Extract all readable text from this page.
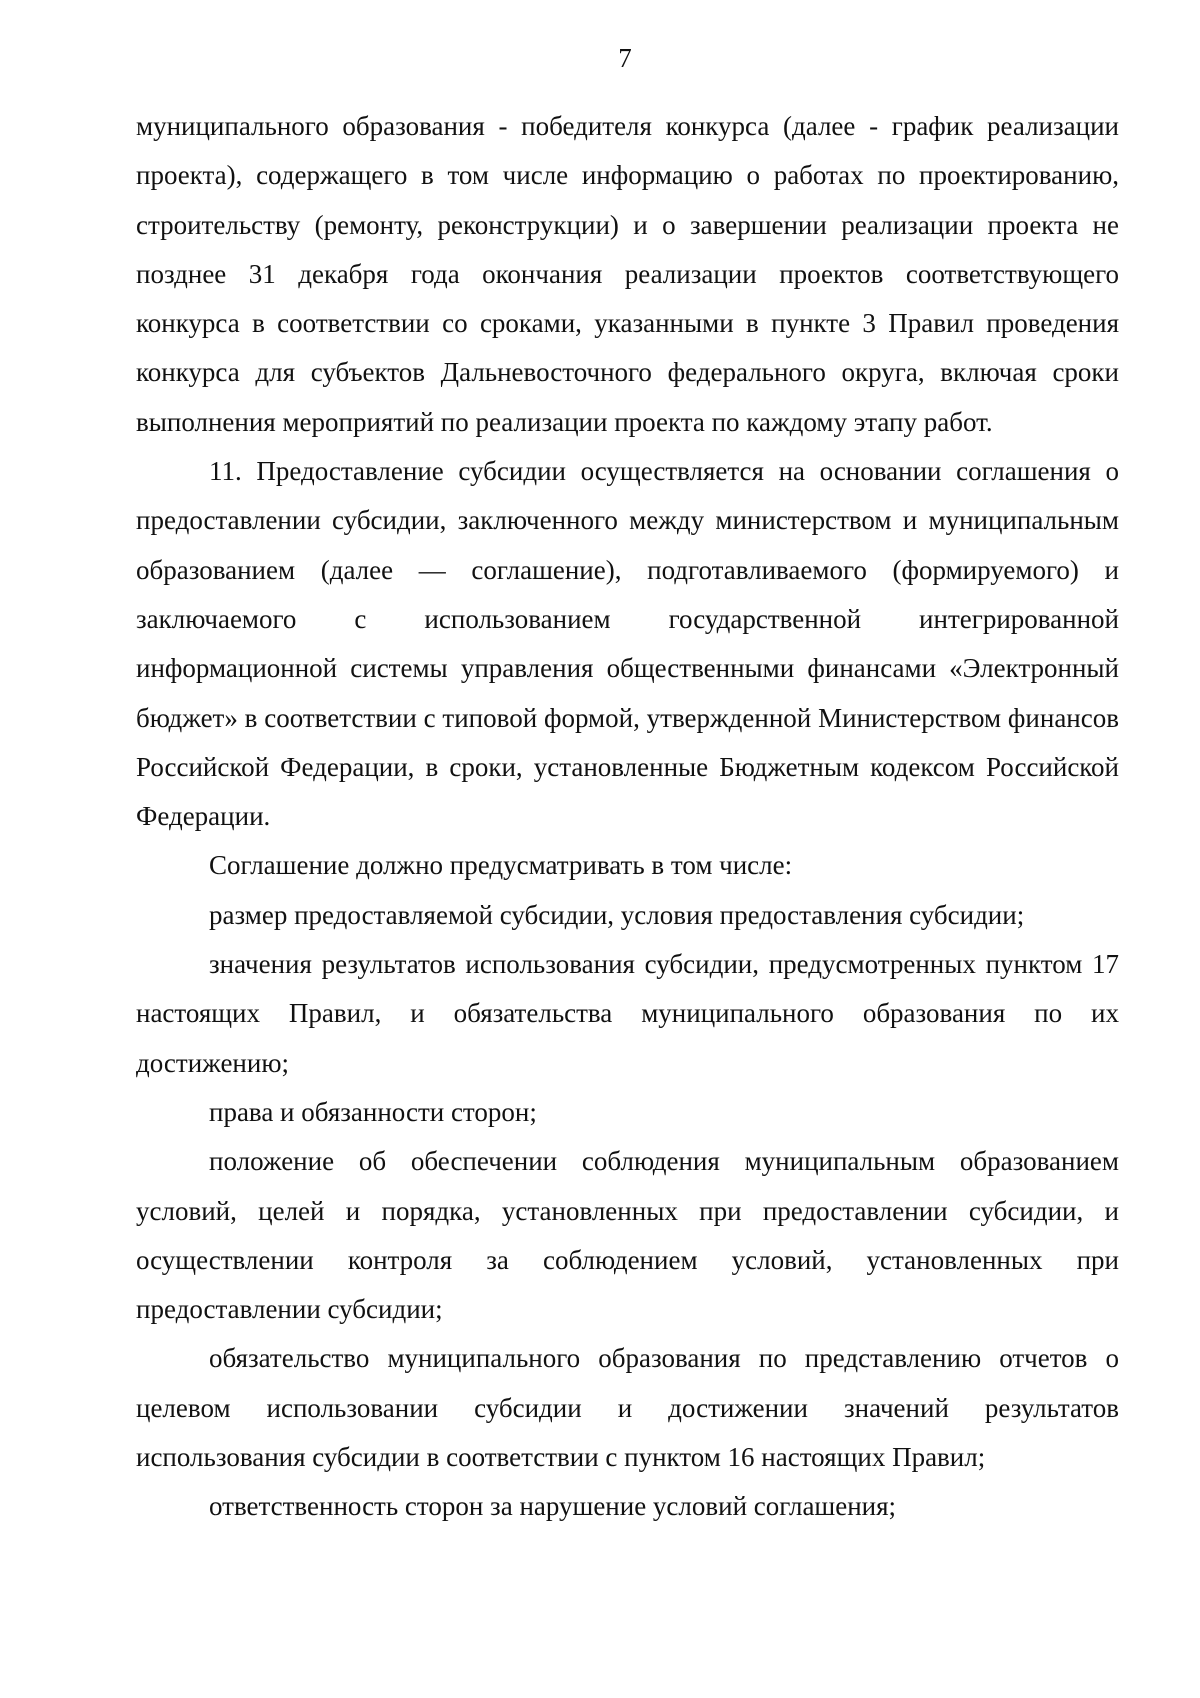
7

муниципального образования - победителя конкурса (далее - график реализации проекта), содержащего в том числе информацию о работах по проектированию, строительству (ремонту, реконструкции) и о завершении реализации проекта не позднее 31 декабря года окончания реализации проектов соответствующего конкурса в соответствии со сроками, указанными в пункте 3 Правил проведения конкурса для субъектов Дальневосточного федерального округа, включая сроки выполнения мероприятий по реализации проекта по каждому этапу работ.

11. Предоставление субсидии осуществляется на основании соглашения о предоставлении субсидии, заключенного между министерством и муниципальным образованием (далее — соглашение), подготавливаемого (формируемого) и заключаемого с использованием государственной интегрированной информационной системы управления общественными финансами «Электронный бюджет» в соответствии с типовой формой, утвержденной Министерством финансов Российской Федерации, в сроки, установленные Бюджетным кодексом Российской Федерации.

Соглашение должно предусматривать в том числе:

размер предоставляемой субсидии, условия предоставления субсидии;

значения результатов использования субсидии, предусмотренных пунктом 17 настоящих Правил, и обязательства муниципального образования по их достижению;

права и обязанности сторон;

положение об обеспечении соблюдения муниципальным образованием условий, целей и порядка, установленных при предоставлении субсидии, и осуществлении контроля за соблюдением условий, установленных при предоставлении субсидии;

обязательство муниципального образования по представлению отчетов о целевом использовании субсидии и достижении значений результатов использования субсидии в соответствии с пунктом 16 настоящих Правил;

ответственность сторон за нарушение условий соглашения;
